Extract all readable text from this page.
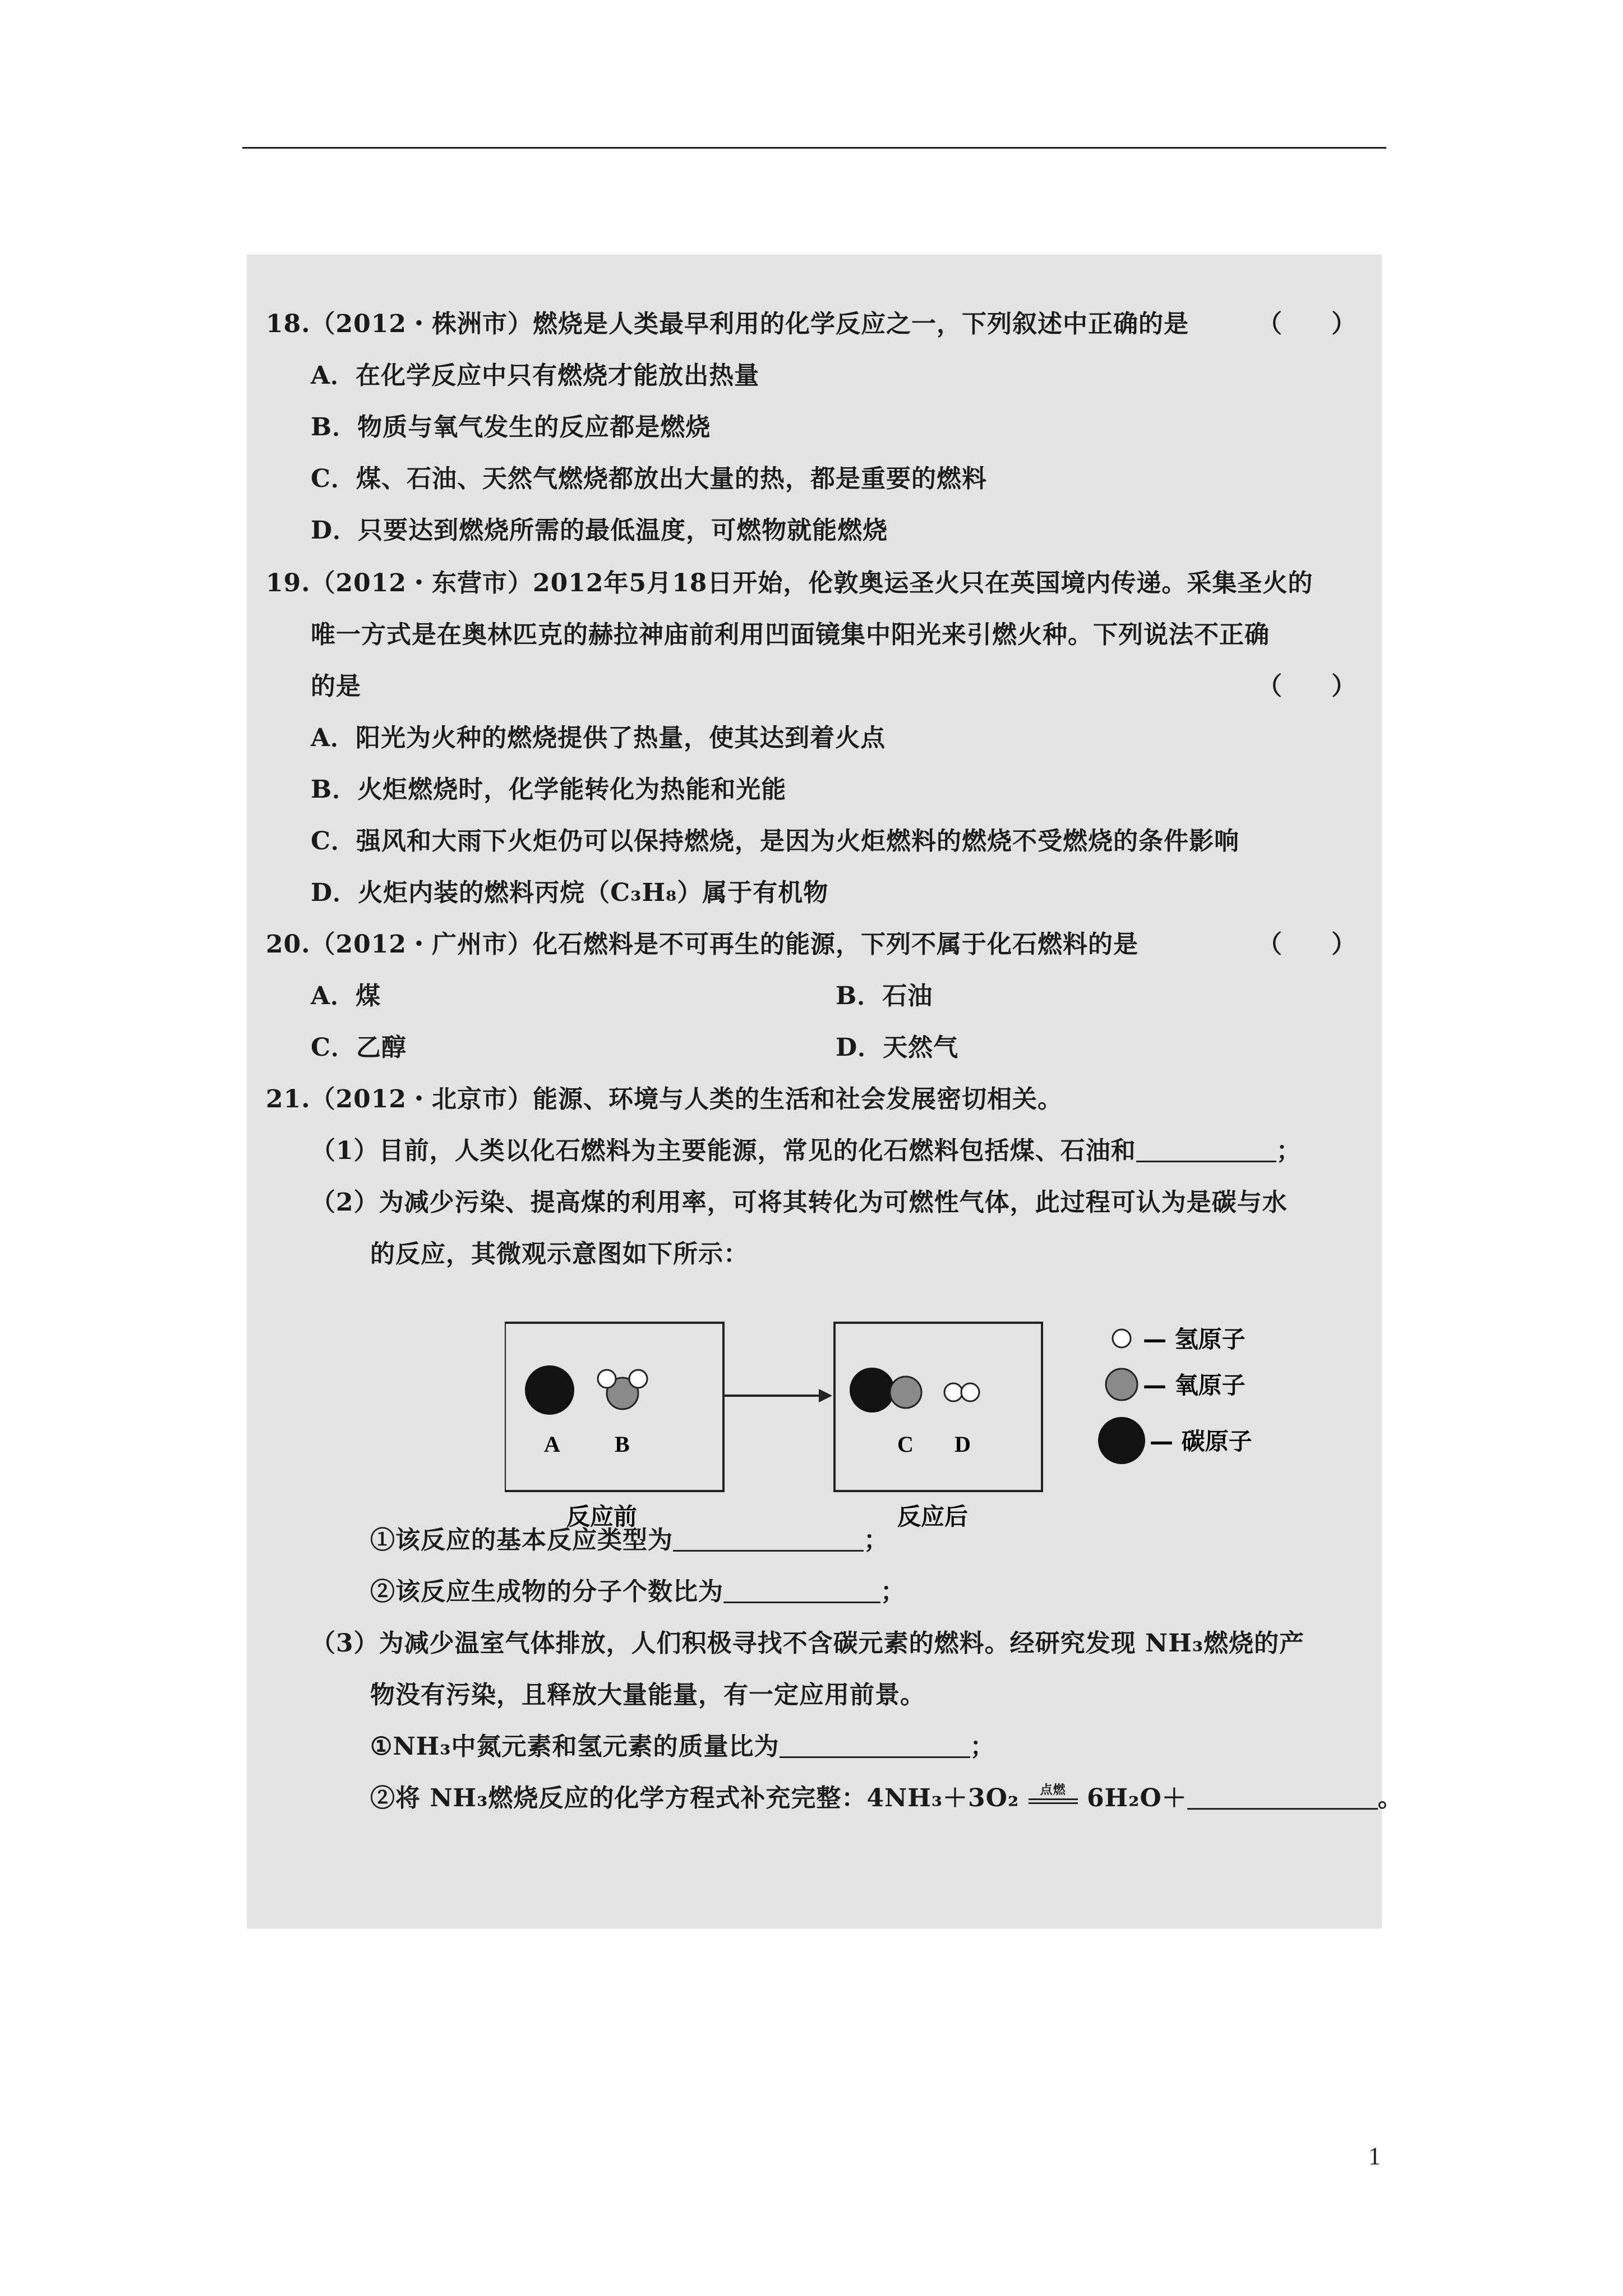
18.（2012・株洲市）燃烧是人类最早利用的化学反应之一，下列叙述中正确的是	（　　）
A．在化学反应中只有燃烧才能放出热量
B．物质与氧气发生的反应都是燃烧
C．煤、石油、天然气燃烧都放出大量的热，都是重要的燃料
D．只要达到燃烧所需的最低温度，可燃物就能燃烧
19.（2012・东营市）2012年5月18日开始，伦敦奥运圣火只在英国境内传递。采集圣火的
唯一方式是在奥林匹克的赫拉神庙前利用凹面镜集中阳光来引燃火种。下列说法不正确
的是	（　　）
A．阳光为火种的燃烧提供了热量，使其达到着火点
B．火炬燃烧时，化学能转化为热能和光能
C．强风和大雨下火炬仍可以保持燃烧，是因为火炬燃料的燃烧不受燃烧的条件影响
D．火炬内装的燃料丙烷（C₃H₈）属于有机物
20.（2012・广州市）化石燃料是不可再生的能源，下列不属于化石燃料的是	（　　）
A．煤	B．石油
C．乙醇	D．天然气
21.（2012・北京市）能源、环境与人类的生活和社会发展密切相关。
（1）目前，人类以化石燃料为主要能源，常见的化石燃料包括煤、石油和	；
（2）为减少污染、提高煤的利用率，可将其转化为可燃性气体，此过程可认为是碳与水
的反应，其微观示意图如下所示：
①该反应的基本反应类型为	；
②该反应生成物的分子个数比为	；
（3）为减少温室气体排放，人们积极寻找不含碳元素的燃料。经研究发现 NH₃燃烧的产
物没有污染，且释放大量能量，有一定应用前景。
①NH₃中氮元素和氢元素的质量比为	；
②将 NH₃燃烧反应的化学方程式补充完整：4NH₃＋3O₂ $^{点燃}$ 6H₂O＋	。
A B
反应前
C D
反应后
— 氢原子
— 氧原子
— 碳原子
1
